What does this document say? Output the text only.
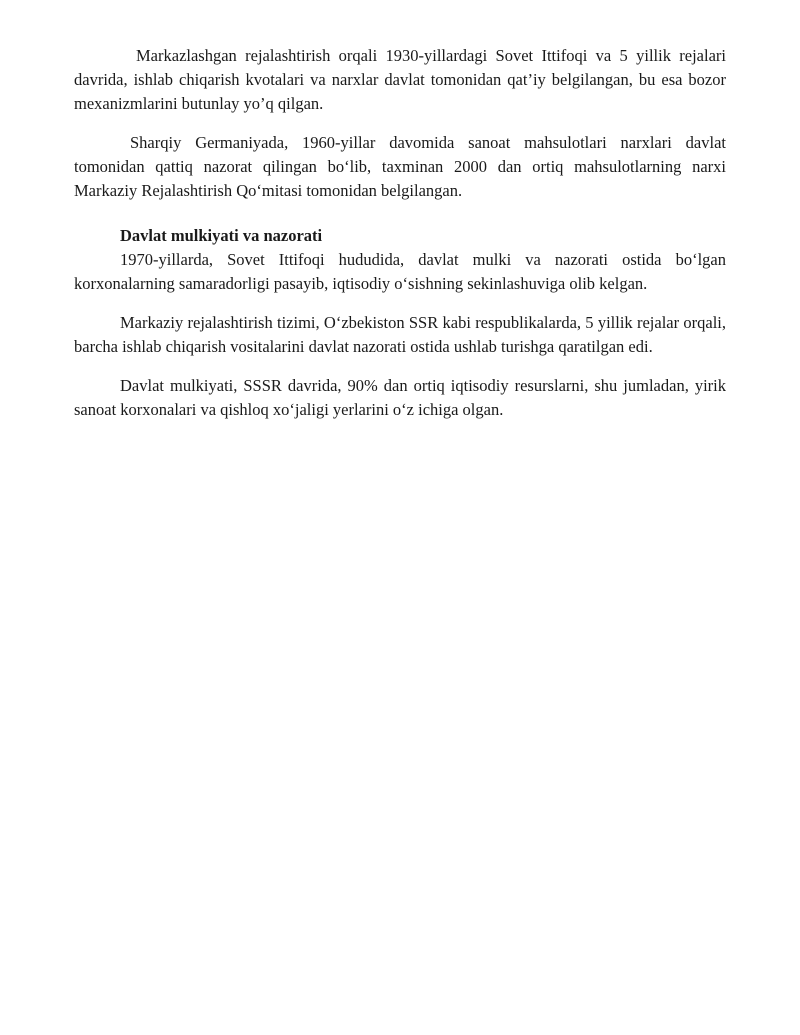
Markazlashgan rejalashtirish orqali 1930-yillardagi Sovet Ittifoqi va 5 yillik rejalari davrida, ishlab chiqarish kvotalari va narxlar davlat tomonidan qat’iy belgilangan, bu esa bozor mexanizmlarini butunlay yo’q qilgan.

Sharqiy Germaniyada, 1960-yillar davomida sanoat mahsulotlari narxlari davlat tomonidan qattiq nazorat qilingan bo‘lib, taxminan 2000 dan ortiq mahsulotlarning narxi Markaziy Rejalashtirish Qo‘mitasi tomonidan belgilangan.

Davlat mulkiyati va nazorati

1970-yillarda, Sovet Ittifoqi hududida, davlat mulki va nazorati ostida bo‘lgan korxonalarning samaradorligi pasayib, iqtisodiy o‘sishning sekinlashuviga olib kelgan.

Markaziy rejalashtirish tizimi, O‘zbekiston SSR kabi respublikalarda, 5 yillik rejalar orqali, barcha ishlab chiqarish vositalarini davlat nazorati ostida ushlab turishga qaratilgan edi.

Davlat mulkiyati, SSSR davrida, 90% dan ortiq iqtisodiy resurslarni, shu jumladan, yirik sanoat korxonalari va qishloq xo‘jaligi yerlarini o‘z ichiga olgan.
